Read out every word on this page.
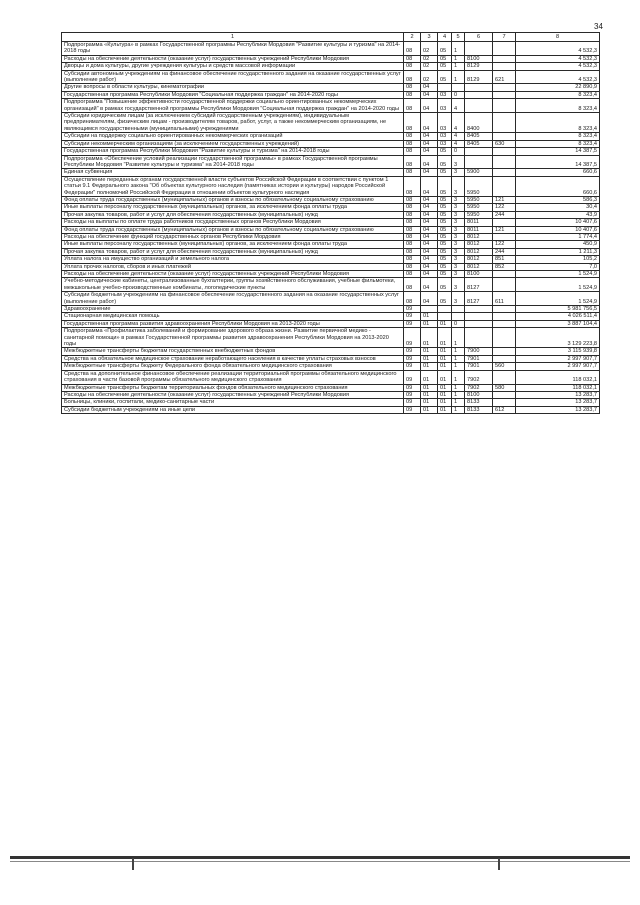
34
1	2	3	4	5	6	7	8
Подпрограмма «Культура» в рамках Государственной программы Республики Мордовия "Развитие культуры и туризма" на 2014-2018 годы	08	02	05	1			4 532,3
Расходы на обеспечение деятельности (оказание услуг) государственных учреждений Республики Мордовия	08	02	05	1	8100		4 532,3
Дворцы и дома культуры, другие учреждения культуры и средств массовой информации	08	02	05	1	8129		4 532,3
Субсидии автономным учреждениям на финансовое обеспечение государственного задания на оказание государственных услуг (выполнение работ)	08	02	05	1	8129	621	4 532,3
Другие вопросы в области культуры, кинематографии	08	04					22 890,9
Государственная программа Республики Мордовия "Социальная поддержка граждан" на 2014-2020 годы	08	04	03	0			8 323,4
Подпрограмма "Повышение эффективности государственной поддержки социально ориентированных некоммерческих организаций" в рамках государственной программы Республики Мордовия "Социальная поддержка граждан" на 2014-2020 годы	08	04	03	4			8 323,4
Субсидии юридическим лицам (за исключением субсидий государственным учреждениям), индивидуальным предпринимателям, физическим лицам - производителям товаров, работ, услуг, а также некоммерческим организациям, не являющимся государственными (муниципальными) учреждениями	08	04	03	4	8400		8 323,4
Субсидии на поддержку социально ориентированных некоммерческих организаций	08	04	03	4	8405		8 323,4
Субсидии некоммерческим организациям (за исключением государственных учреждений)	08	04	03	4	8405	630	8 323,4
Государственная программа Республики Мордовия "Развитие культуры и туризма" на 2014-2018 годы	08	04	05	0			14 387,5
Подпрограмма «Обеспечение условий реализации государственной программы» в рамках Государственной программы Республики Мордовия "Развитие культуры и туризма" на 2014-2018 годы	08	04	05	3			14 387,5
Единая субвенция	08	04	05	3	5900		660,6
Осуществление переданных органам государственной власти субъектов Российской Федерации в соответствии с пунктом 1 статьи 9.1 Федерального закона "Об объектах культурного наследия (памятниках истории и культуры) народов Российской Федерации" полномочий Российской Федерации в отношении объектов культурного наследия	08	04	05	3	5950		660,6
Фонд оплаты труда государственных (муниципальных) органов и взносы по обязательному социальному страхованию	08	04	05	3	5950	121	586,3
Иные выплаты персоналу государственных (муниципальных) органов, за исключением фонда оплаты труда	08	04	05	3	5950	122	30,4
Прочая закупка товаров, работ и услуг для обеспечения государственных (муниципальных) нужд	08	04	05	3	5950	244	43,9
Расходы на выплаты по оплате труда работников государственных органов Республики Мордовия	08	04	05	3	8011		10 407,6
Фонд оплаты труда государственных (муниципальных) органов и взносы по обязательному социальному страхованию	08	04	05	3	8011	121	10 407,6
Расходы на обеспечение функций государственных органов Республики Мордовия	08	04	05	3	8012		1 774,4
Иные выплаты персоналу государственных (муниципальных) органов, за исключением фонда оплаты труда	08	04	05	3	8012	122	450,9
Прочая закупка товаров, работ и услуг для обеспечения государственных (муниципальных) нужд	08	04	05	3	8012	244	1 211,3
Уплата налога на имущество организаций и земельного налога	08	04	05	3	8012	851	105,2
Уплата прочих налогов, сборов и иных платежей	08	04	05	3	8012	852	7,0
Расходы на обеспечение деятельности (оказание услуг) государственных учреждений Республики Мордовия	08	04	05	3	8100		1 524,9
Учебно-методические кабинеты, централизованные бухгалтерии, группы хозяйственного обслуживания, учебные фильмотеки, межшкольные учебно-производственные комбинаты, логопедические пункты	08	04	05	3	8127		1 524,9
Субсидии бюджетным учреждениям на финансовое обеспечение государственного задания на оказание государственных услуг (выполнение работ)	08	04	05	3	8127	611	1 524,9
Здравоохранение	09						5 981 756,5
Стационарная медицинская помощь	09	01					4 026 511,4
Государственная программа развития здравоохранения Республики Мордовия на 2013-2020 годы	09	01	01	0			3 887 104,4
Подпрограмма «Профилактика заболеваний и формирование здорового образа жизни. Развитие первичной медико - санитарной помощи» в рамках Государственной программы развития здравоохранения Республики Мордовия на 2013-2020 годы	09	01	01	1			3 129 223,8
Межбюджетные трансферты бюджетам государственных внебюджетных фондов	09	01	01	1	7900		3 115 939,8
Средства на обязательное медицинское страхование неработающего населения в качестве уплаты страховых взносов	09	01	01	1	7901		2 997 907,7
Межбюджетные трансферты бюджету Федерального фонда обязательного медицинского страхования	09	01	01	1	7901	560	2 997 907,7
Средства на дополнительное финансовое обеспечение реализации территориальной программы обязательного медицинского страхования в части базовой программы обязательного медицинского страхования	09	01	01	1	7902		118 032,1
Межбюджетные трансферты бюджетам территориальных фондов обязательного медицинского страхования	09	01	01	1	7902	580	118 032,1
Расходы на обеспечение деятельности (оказание услуг) государственных учреждений Республики Мордовия	09	01	01	1	8100		13 283,7
Больницы, клиники, госпитали, медико-санитарные части	09	01	01	1	8133		13 283,7
Субсидии бюджетным учреждениям на иные цели	09	01	01	1	8133	612	13 283,7
